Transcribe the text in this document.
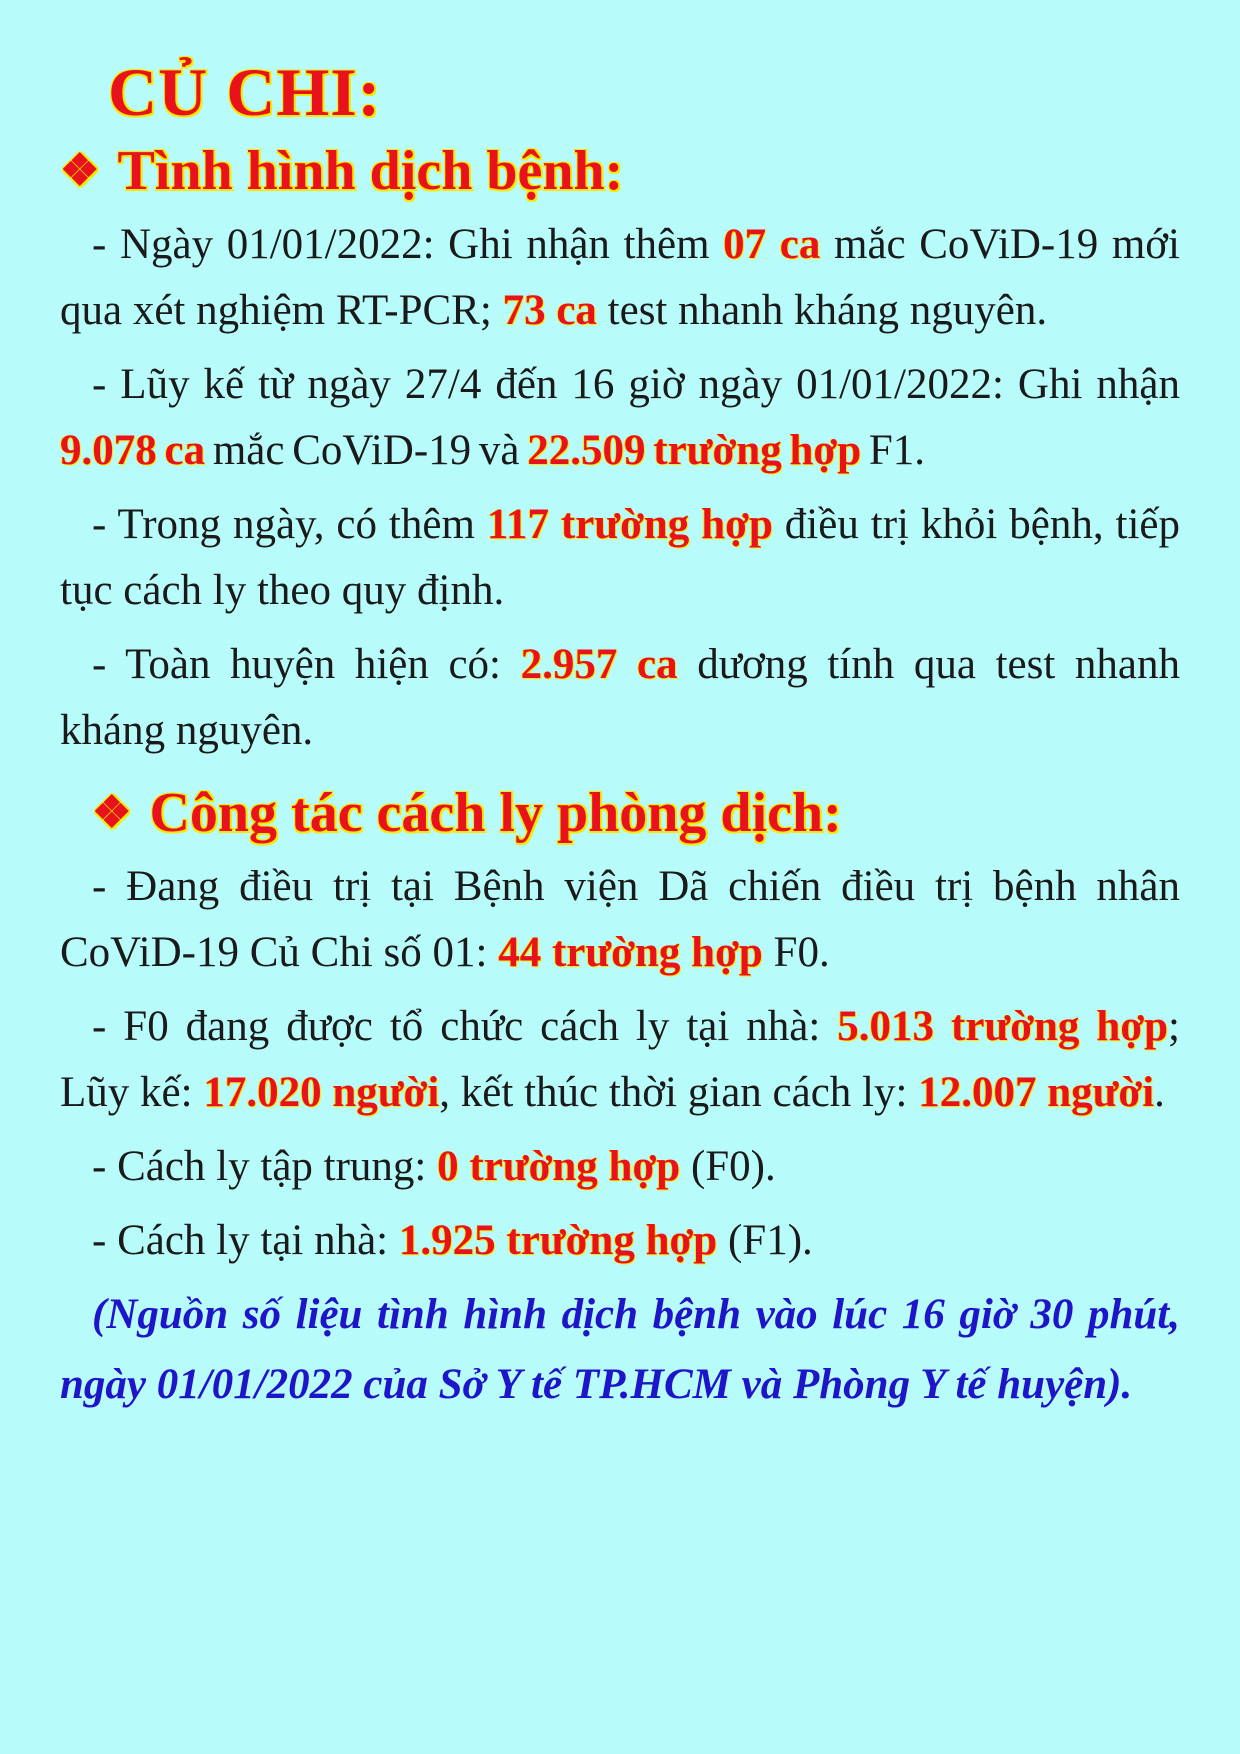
CỦ CHI:
❖ Tình hình dịch bệnh:

- Ngày 01/01/2022: Ghi nhận thêm 07 ca mắc CoViD-19 mới qua xét nghiệm RT-PCR; 73 ca test nhanh kháng nguyên.

- Lũy kế từ ngày 27/4 đến 16 giờ ngày 01/01/2022: Ghi nhận 9.078 ca mắc CoViD-19 và 22.509 trường hợp F1.

- Trong ngày, có thêm 117 trường hợp điều trị khỏi bệnh, tiếp tục cách ly theo quy định.

- Toàn huyện hiện có: 2.957 ca dương tính qua test nhanh kháng nguyên.

❖ Công tác cách ly phòng dịch:

- Đang điều trị tại Bệnh viện Dã chiến điều trị bệnh nhân CoViD-19 Củ Chi số 01: 44 trường hợp F0.

- F0 đang được tổ chức cách ly tại nhà: 5.013 trường hợp; Lũy kế: 17.020 người, kết thúc thời gian cách ly: 12.007 người.

- Cách ly tập trung: 0 trường hợp (F0).

- Cách ly tại nhà: 1.925 trường hợp (F1).

(Nguồn số liệu tình hình dịch bệnh vào lúc 16 giờ 30 phút, ngày 01/01/2022 của Sở Y tế TP.HCM và Phòng Y tế huyện).
